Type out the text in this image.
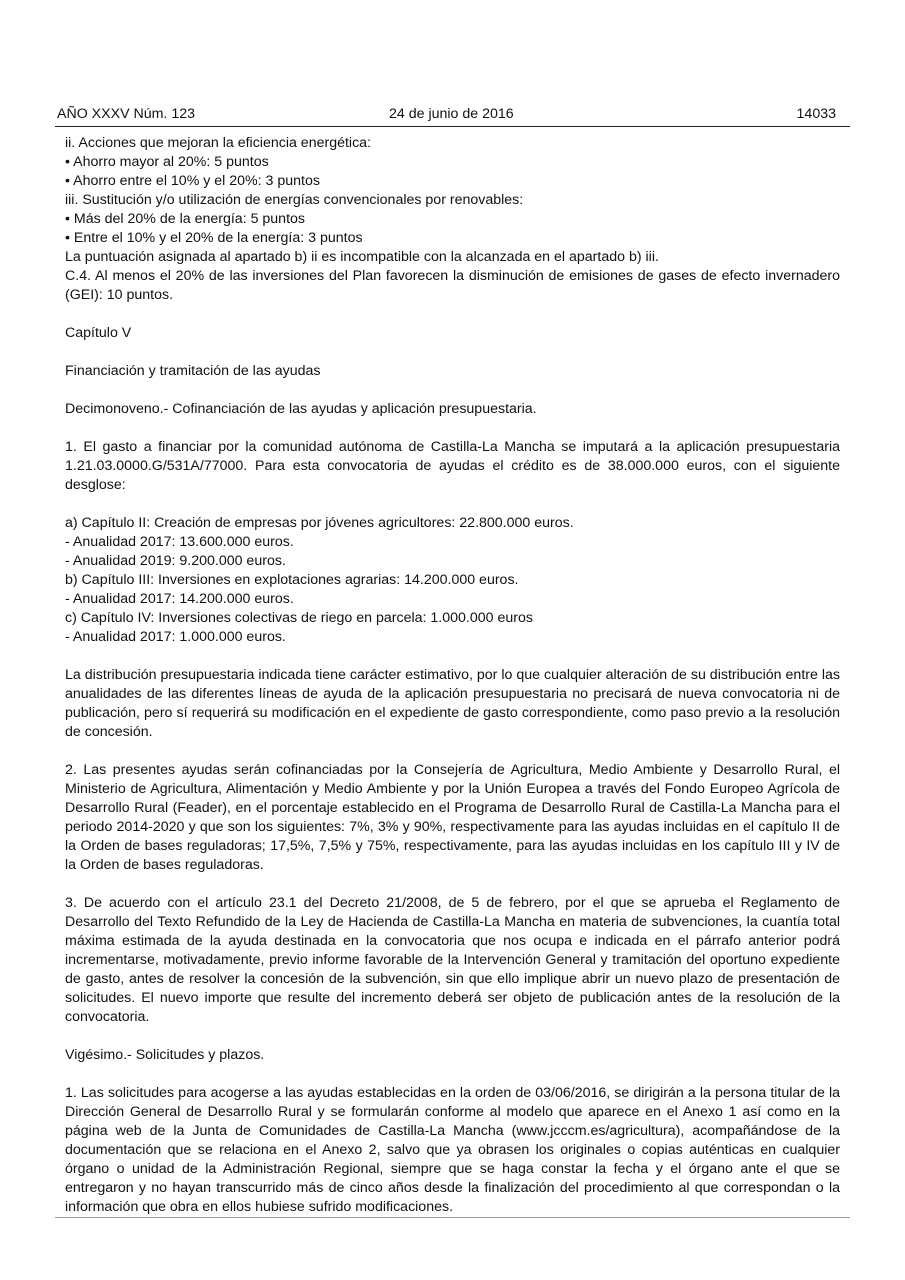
AÑO XXXV Núm. 123	24 de junio de 2016	14033

ii. Acciones que mejoran la eficiencia energética:

• Ahorro mayor al 20%: 5 puntos

• Ahorro entre el 10% y el 20%: 3 puntos

iii. Sustitución y/o utilización de energías convencionales por renovables:

• Más del 20% de la energía: 5 puntos

• Entre el 10% y el 20% de la energía: 3 puntos

La puntuación asignada al apartado b) ii es incompatible con la alcanzada en el apartado b) iii.

C.4. Al menos el 20% de las inversiones del Plan favorecen la disminución de emisiones de gases de efecto invernadero (GEI): 10 puntos.

Capítulo V

Financiación y tramitación de las ayudas

Decimonoveno.- Cofinanciación de las ayudas y aplicación presupuestaria.

1. El gasto a financiar por la comunidad autónoma de Castilla-La Mancha se imputará a la aplicación presupuestaria 1.21.03.0000.G/531A/77000. Para esta convocatoria de ayudas el crédito es de 38.000.000 euros, con el siguiente desglose:

a) Capítulo II: Creación de empresas por jóvenes agricultores: 22.800.000 euros.

- Anualidad 2017: 13.600.000 euros.

- Anualidad 2019: 9.200.000 euros.

b) Capítulo III: Inversiones en explotaciones agrarias: 14.200.000 euros.

- Anualidad 2017: 14.200.000 euros.

c) Capítulo IV: Inversiones colectivas de riego en parcela: 1.000.000 euros

- Anualidad 2017: 1.000.000 euros.

La distribución presupuestaria indicada tiene carácter estimativo, por lo que cualquier alteración de su distribución entre las anualidades de las diferentes líneas de ayuda de la aplicación presupuestaria no precisará de nueva convocatoria ni de publicación, pero sí requerirá su modificación en el expediente de gasto correspondiente, como paso previo a la resolución de concesión.

2. Las presentes ayudas serán cofinanciadas por la Consejería de Agricultura, Medio Ambiente y Desarrollo Rural, el Ministerio de Agricultura, Alimentación y Medio Ambiente y por la Unión Europea a través del Fondo Europeo Agrícola de Desarrollo Rural (Feader), en el porcentaje establecido en el Programa de Desarrollo Rural de Castilla-La Mancha para el periodo 2014-2020 y que son los siguientes: 7%, 3% y 90%, respectivamente para las ayudas incluidas en el capítulo II de la Orden de bases reguladoras; 17,5%, 7,5% y 75%, respectivamente, para las ayudas incluidas en los capítulo III y IV de la Orden de bases reguladoras.

3. De acuerdo con el artículo 23.1 del Decreto 21/2008, de 5 de febrero, por el que se aprueba el Reglamento de Desarrollo del Texto Refundido de la Ley de Hacienda de Castilla-La Mancha en materia de subvenciones, la cuantía total máxima estimada de la ayuda destinada en la convocatoria que nos ocupa e indicada en el párrafo anterior podrá incrementarse, motivadamente, previo informe favorable de la Intervención General y tramitación del oportuno expediente de gasto, antes de resolver la concesión de la subvención, sin que ello implique abrir un nuevo plazo de presentación de solicitudes. El nuevo importe que resulte del incremento deberá ser objeto de publicación antes de la resolución de la convocatoria.

Vigésimo.- Solicitudes y plazos.

1. Las solicitudes para acogerse a las ayudas establecidas en la orden de 03/06/2016, se dirigirán a la persona titular de la Dirección General de Desarrollo Rural y se formularán conforme al modelo que aparece en el Anexo 1 así como en la página web de la Junta de Comunidades de Castilla-La Mancha (www.jcccm.es/agricultura), acompañándose de la documentación que se relaciona en el Anexo 2, salvo que ya obrasen los originales o copias auténticas en cualquier órgano o unidad de la Administración Regional, siempre que se haga constar la fecha y el órgano ante el que se entregaron y no hayan transcurrido más de cinco años desde la finalización del procedimiento al que correspondan o la información que obra en ellos hubiese sufrido modificaciones.
